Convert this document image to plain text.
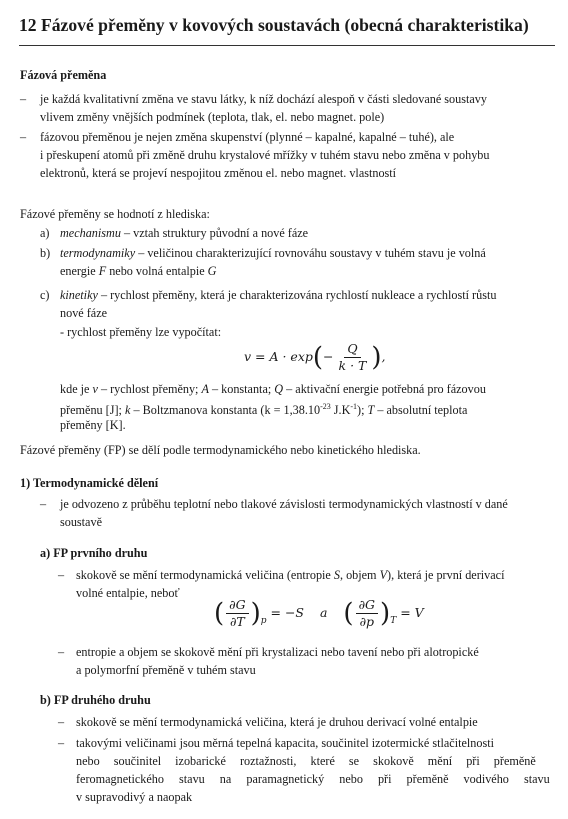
12 Fázové přeměny v kovových soustavách (obecná charakteristika)
Fázová přeměna
–	je každá kvalitativní změna ve stavu látky, k níž dochází alespoň v části sledované soustavy
vlivem změny vnějších podmínek (teplota, tlak, el. nebo magnet. pole)
–	fázovou přeměnou je nejen změna skupenství (plynné – kapalné, kapalné – tuhé), ale
i přeskupení atomů při změně druhu krystalové mřížky v tuhém stavu nebo změna v pohybu
elektronů, která se projeví nespojitou změnou el. nebo magnet. vlastností
Fázové přeměny se hodnotí z hlediska:
a) mechanismu – vztah struktury původní a nové fáze
b) termodynamiky – veličinou charakterizující rovnováhu soustavy v tuhém stavu je volná
energie F nebo volná entalpie G
c) kinetiky – rychlost přeměny, která je charakterizována rychlostí nukleace a rychlostí růstu
nové fáze
- rychlost přeměny lze vypočítat:
$v = A \cdot \exp(- \frac{Q}{k \cdot T}$ ),
kde je v – rychlost přeměny; A – konstanta; Q – aktivační energie potřebná pro fázovou
přeměnu [J]; k – Boltzmanova konstanta ($k = 1,38.10^{-23}$ $J.K^{-1}$); T – absolutní teplota
přeměny [K].
Fázové přeměny (FP) se dělí podle termodynamického nebo kinetického hlediska.
1) Termodynamické dělení
–	je odvozeno z průběhu teplotní nebo tlakové závislosti termodynamických vlastností v dané
soustavě
a) FP prvního druhu
– skokově se mění termodynamická veličina (entropie S, objem V), která je první derivací
volné entalpie, neboť
( $\frac{\partial G}{\partial T} )_p = -S$ a ( $\frac{\partial G}{\partial p} )_T = V$
– entropie a objem se skokově mění při krystalizaci nebo tavení nebo při alotropické
a polymorfní přeměně v tuhém stavu
b) FP druhého druhu
– skokově se mění termodynamická veličina, která je druhou derivací volné entalpie
– takovými veličinami jsou měrná tepelná kapacita, součinitel izotermické stlačitelnosti
nebo součinitel izobarické roztažnosti, které se skokově mění při přeměně
feromagnetického stavu na paramagnetický nebo při přeměně vodivého stavu
v supravodivý a naopak
